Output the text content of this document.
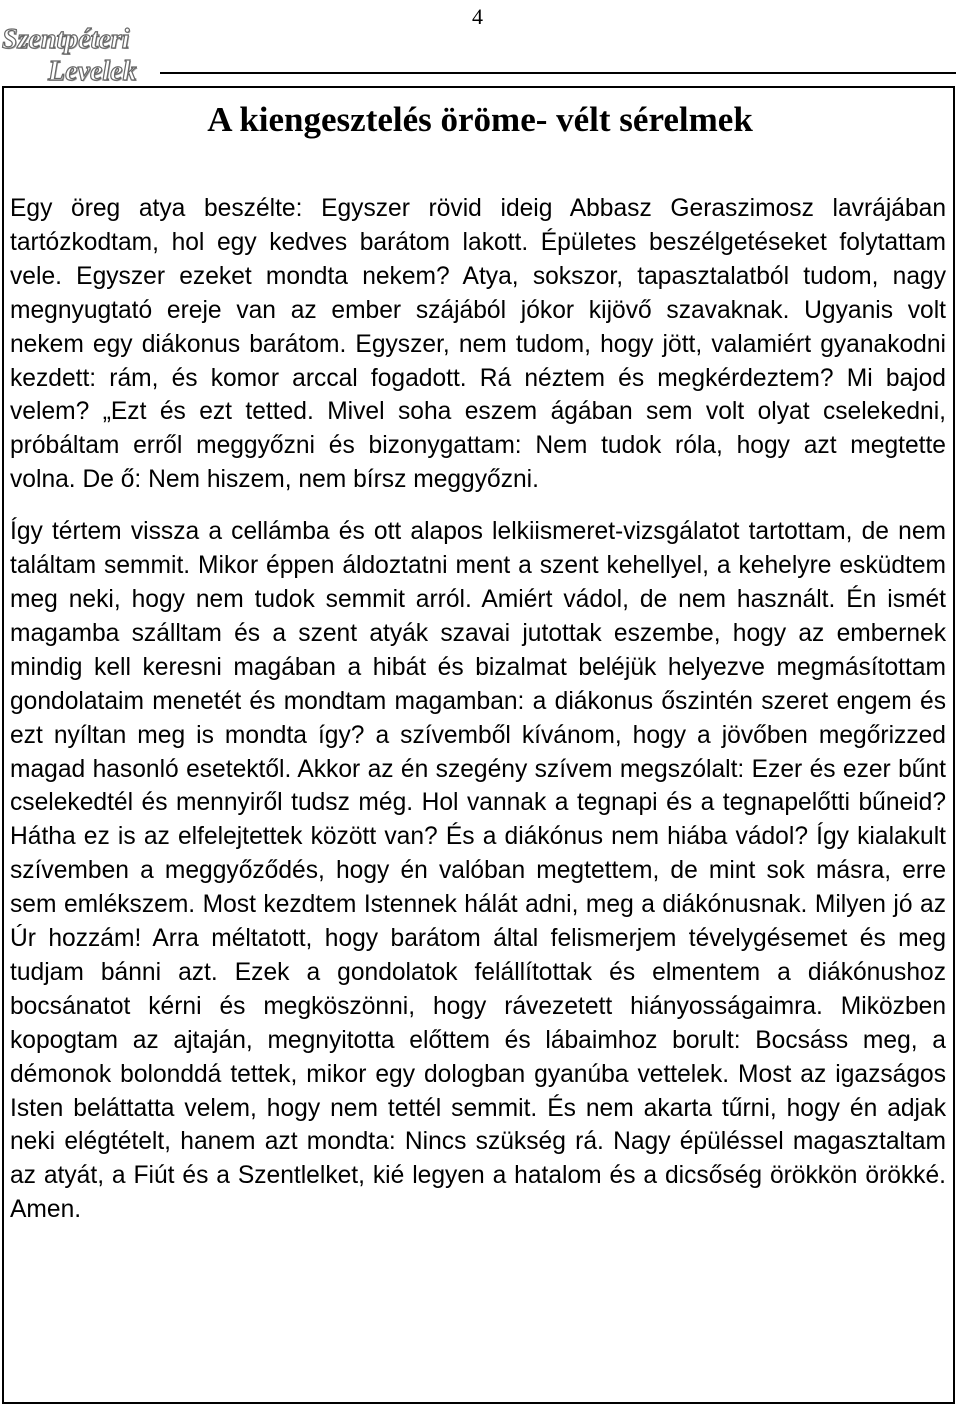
4
Szentpéteri
Levelek
A kiengesztelés öröme- vélt sérelmek

Egy öreg atya beszélte: Egyszer rövid ideig Abbasz Geraszimosz lavrájában tartózkodtam, hol egy kedves barátom lakott. Épületes beszélgetéseket folytattam vele. Egyszer ezeket mondta nekem? Atya, sokszor, tapasztalatból tudom, nagy megnyugtató ereje van az ember szájából jókor kijövő szavaknak. Ugyanis volt nekem egy diákonus barátom. Egyszer, nem tudom, hogy jött, valamiért gyanakodni kezdett: rám, és komor arccal fogadott. Rá néztem és megkérdeztem? Mi bajod velem? „Ezt és ezt tetted. Mivel soha eszem ágában sem volt olyat cselekedni, próbáltam erről meggyőzni és bizonygattam: Nem tudok róla, hogy azt megtette volna. De ő: Nem hiszem, nem bírsz meggyőzni.

Így tértem vissza a cellámba és ott alapos lelkiismeret-vizsgálatot tartottam, de nem találtam semmit. Mikor éppen áldoztatni ment a szent kehellyel, a kehelyre esküdtem meg neki, hogy nem tudok semmit arról. Amiért vádol, de nem használt. Én ismét magamba szálltam és a szent atyák szavai jutottak eszembe, hogy az embernek mindig kell keresni magában a hibát és bizalmat beléjük helyezve megmásítottam gondolataim menetét és mondtam magamban: a diákonus őszintén szeret engem és ezt nyíltan meg is mondta így? a szívemből kívánom, hogy a jövőben megőrizzed magad hasonló esetektől. Akkor az én szegény szívem megszólalt: Ezer és ezer bűnt cselekedtél és mennyiről tudsz még. Hol vannak a tegnapi és a tegnapelőtti bűneid? Hátha ez is az elfelejtettek között van? És a diákónus nem hiába vádol? Így kialakult szívemben a meggyőződés, hogy én valóban megtettem, de mint sok másra, erre sem emlékszem. Most kezdtem Istennek hálát adni, meg a diákónusnak. Milyen jó az Úr hozzám! Arra méltatott, hogy barátom által felismerjem tévelygésemet és meg tudjam bánni azt. Ezek a gondolatok felállítottak és elmentem a diákónushoz bocsánatot kérni és megköszönni, hogy rávezetett hiányosságaimra. Miközben kopogtam az ajtaján, megnyitotta előttem és lábaimhoz borult: Bocsáss meg, a démonok bolonddá tettek, mikor egy dologban gyanúba vettelek. Most az igazságos Isten beláttatta velem, hogy nem tettél semmit. És nem akarta tűrni, hogy én adjak neki elégtételt, hanem azt mondta: Nincs szükség rá. Nagy épüléssel magasztaltam az atyát, a Fiút és a Szentlelket, kié legyen a hatalom és a dicsőség örökkön örökké. Amen.
